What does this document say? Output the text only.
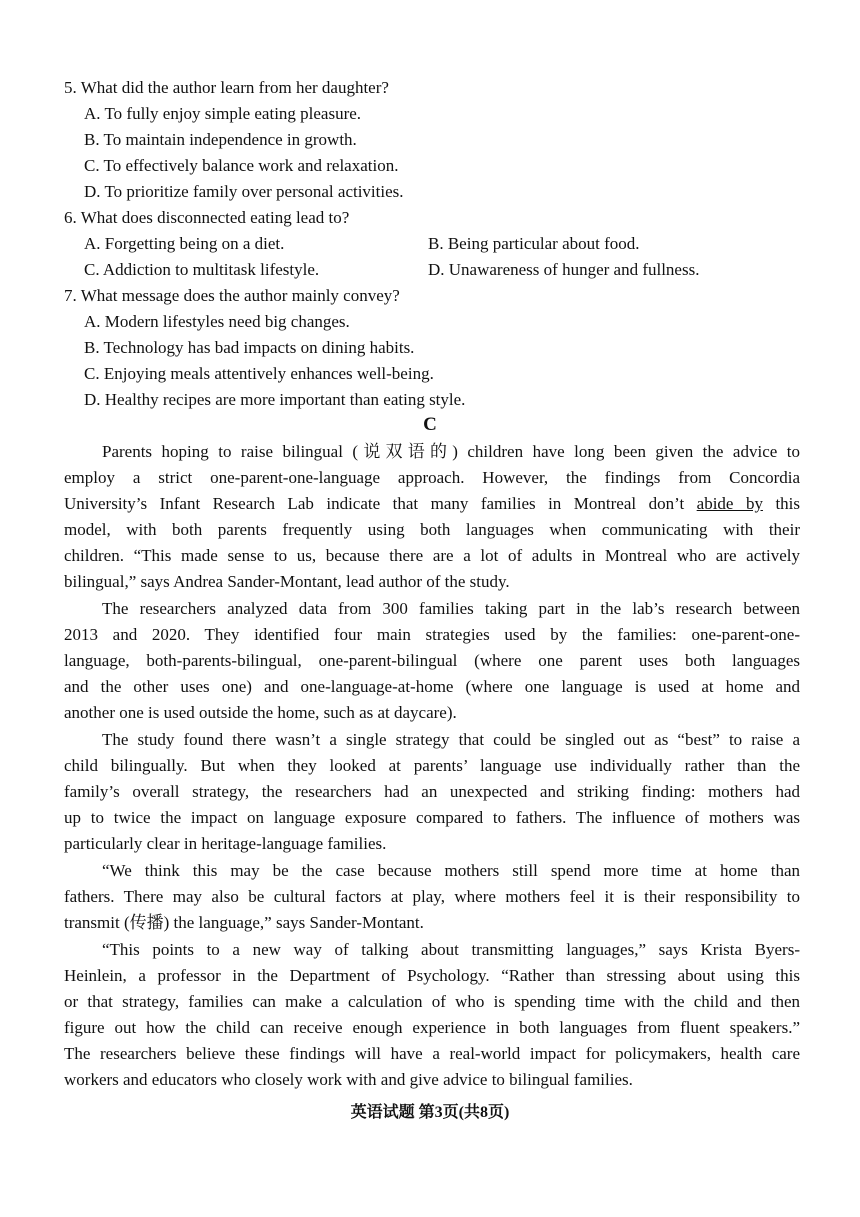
5. What did the author learn from her daughter?
A. To fully enjoy simple eating pleasure.
B. To maintain independence in growth.
C. To effectively balance work and relaxation.
D. To prioritize family over personal activities.
6. What does disconnected eating lead to?
A. Forgetting being on a diet.	B. Being particular about food.
C. Addiction to multitask lifestyle.	D. Unawareness of hunger and fullness.
7. What message does the author mainly convey?
A. Modern lifestyles need big changes.
B. Technology has bad impacts on dining habits.
C. Enjoying meals attentively enhances well-being.
D. Healthy recipes are more important than eating style.
C
Parents hoping to raise bilingual (说双语的) children have long been given the advice to
employ a strict one-parent-one-language approach. However, the findings from Concordia
University’s Infant Research Lab indicate that many families in Montreal don’t abide by this
model, with both parents frequently using both languages when communicating with their
children. “This made sense to us, because there are a lot of adults in Montreal who are actively
bilingual,” says Andrea Sander-Montant, lead author of the study.
The researchers analyzed data from 300 families taking part in the lab’s research between
2013 and 2020. They identified four main strategies used by the families: one-parent-one-
language, both-parents-bilingual, one-parent-bilingual (where one parent uses both languages
and the other uses one) and one-language-at-home (where one language is used at home and
another one is used outside the home, such as at daycare).
The study found there wasn’t a single strategy that could be singled out as “best” to raise a
child bilingually. But when they looked at parents’ language use individually rather than the
family’s overall strategy, the researchers had an unexpected and striking finding: mothers had
up to twice the impact on language exposure compared to fathers. The influence of mothers was
particularly clear in heritage-language families.
“We think this may be the case because mothers still spend more time at home than
fathers. There may also be cultural factors at play, where mothers feel it is their responsibility to
transmit (传播) the language,” says Sander-Montant.
“This points to a new way of talking about transmitting languages,” says Krista Byers-
Heinlein, a professor in the Department of Psychology. “Rather than stressing about using this
or that strategy, families can make a calculation of who is spending time with the child and then
figure out how the child can receive enough experience in both languages from fluent speakers.”
The researchers believe these findings will have a real-world impact for policymakers, health care
workers and educators who closely work with and give advice to bilingual families.
英语试题 第3页(共8页)
